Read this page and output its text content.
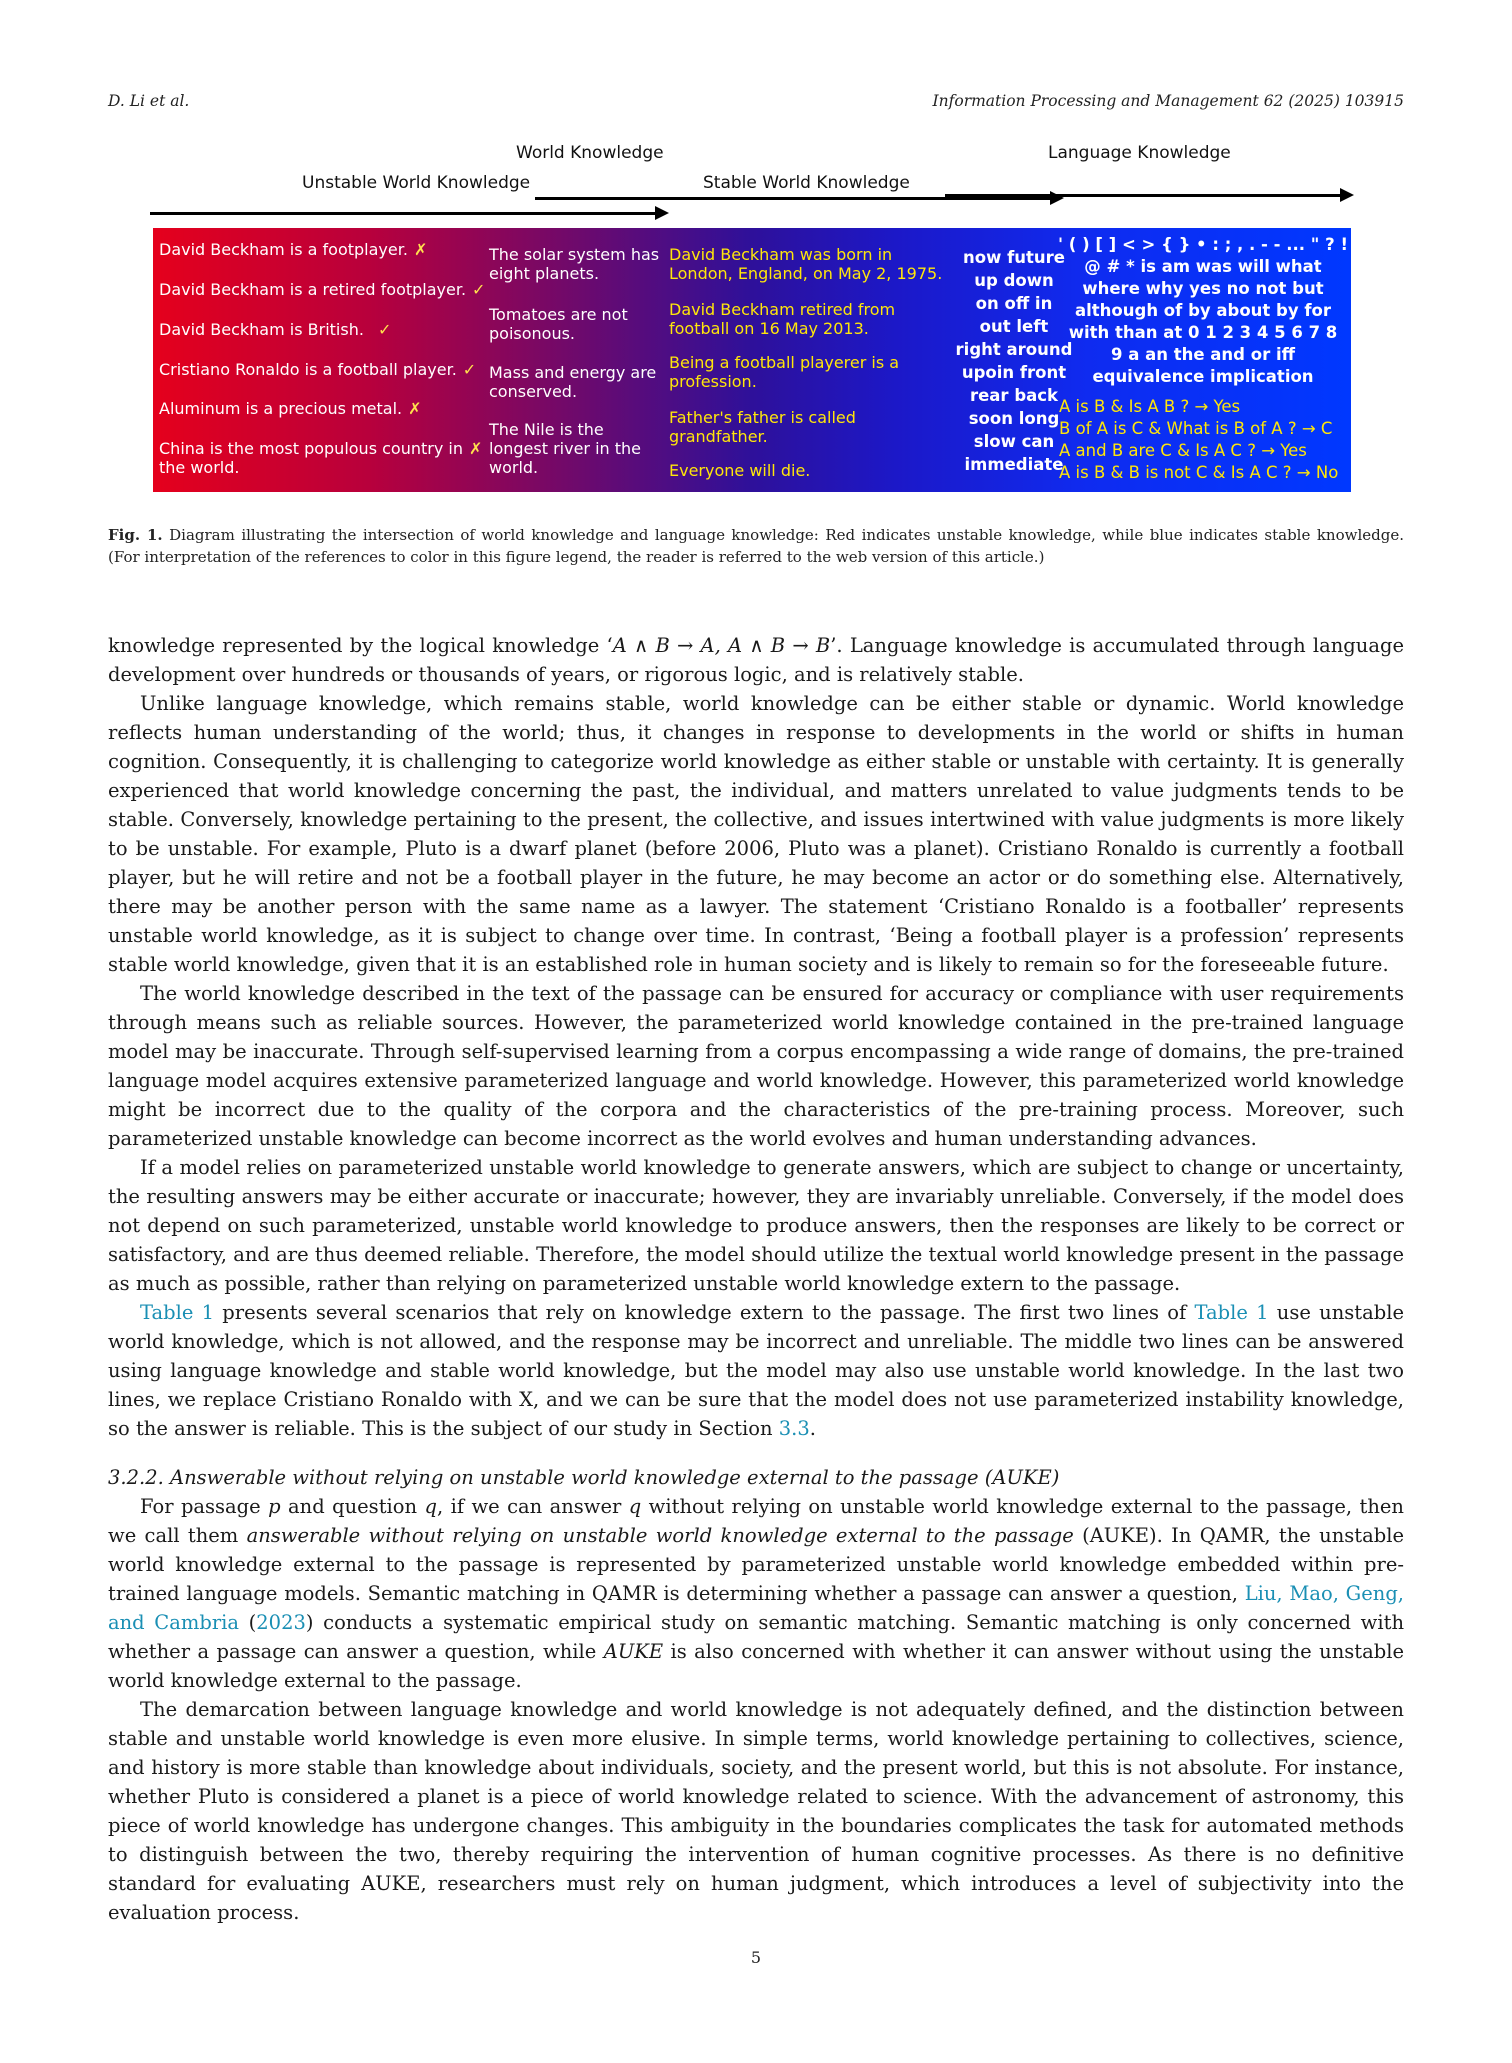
D. Li et al.	Information Processing and Management 62 (2025) 103915
World Knowledge
Unstable World Knowledge	Stable World Knowledge
Language Knowledge
David Beckham is a footplayer. ✗
David Beckham is a retired footplayer. ✓
David Beckham is British. ✓
Cristiano Ronaldo is a football player. ✓
Aluminum is a precious metal. ✗
China is the most populous country in ✗
the world.
The solar system has eight planets.
Tomatoes are not poisonous.
Mass and energy are conserved.
The Nile is the longest river in the world.
David Beckham was born in London, England, on May 2, 1975.
David Beckham retired from football on 16 May 2013.
Being a football playerer is a profession.
Father's father is called grandfather.
Everyone will die.
now future
up down
on off in
out left
right around
upoin front
rear back
soon long
slow can
immediate
' ( ) [ ] < > { } • : ; , . - - ... " ? !
@ # * is am was will what
where why yes no not but
although of by about by for
with than at 0 1 2 3 4 5 6 7 8
9 a an the and or iff
equivalence implication
A is B & Is A B ? → Yes
B of A is C & What is B of A ? → C
A and B are C & Is A C ? → Yes
A is B & B is not C & Is A C ? → No
Fig. 1. Diagram illustrating the intersection of world knowledge and language knowledge: Red indicates unstable knowledge, while blue indicates stable knowledge. (For interpretation of the references to color in this figure legend, the reader is referred to the web version of this article.)

knowledge represented by the logical knowledge ‘A ∧ B → A, A ∧ B → B’. Language knowledge is accumulated through language development over hundreds or thousands of years, or rigorous logic, and is relatively stable.

Unlike language knowledge, which remains stable, world knowledge can be either stable or dynamic. World knowledge reflects human understanding of the world; thus, it changes in response to developments in the world or shifts in human cognition. Consequently, it is challenging to categorize world knowledge as either stable or unstable with certainty. It is generally experienced that world knowledge concerning the past, the individual, and matters unrelated to value judgments tends to be stable. Conversely, knowledge pertaining to the present, the collective, and issues intertwined with value judgments is more likely to be unstable. For example, Pluto is a dwarf planet (before 2006, Pluto was a planet). Cristiano Ronaldo is currently a football player, but he will retire and not be a football player in the future, he may become an actor or do something else. Alternatively, there may be another person with the same name as a lawyer. The statement ‘Cristiano Ronaldo is a footballer’ represents unstable world knowledge, as it is subject to change over time. In contrast, ‘Being a football player is a profession’ represents stable world knowledge, given that it is an established role in human society and is likely to remain so for the foreseeable future.

The world knowledge described in the text of the passage can be ensured for accuracy or compliance with user requirements through means such as reliable sources. However, the parameterized world knowledge contained in the pre-trained language model may be inaccurate. Through self-supervised learning from a corpus encompassing a wide range of domains, the pre-trained language model acquires extensive parameterized language and world knowledge. However, this parameterized world knowledge might be incorrect due to the quality of the corpora and the characteristics of the pre-training process. Moreover, such parameterized unstable knowledge can become incorrect as the world evolves and human understanding advances.

If a model relies on parameterized unstable world knowledge to generate answers, which are subject to change or uncertainty, the resulting answers may be either accurate or inaccurate; however, they are invariably unreliable. Conversely, if the model does not depend on such parameterized, unstable world knowledge to produce answers, then the responses are likely to be correct or satisfactory, and are thus deemed reliable. Therefore, the model should utilize the textual world knowledge present in the passage as much as possible, rather than relying on parameterized unstable world knowledge extern to the passage.

Table 1 presents several scenarios that rely on knowledge extern to the passage. The first two lines of Table 1 use unstable world knowledge, which is not allowed, and the response may be incorrect and unreliable. The middle two lines can be answered using language knowledge and stable world knowledge, but the model may also use unstable world knowledge. In the last two lines, we replace Cristiano Ronaldo with X, and we can be sure that the model does not use parameterized instability knowledge, so the answer is reliable. This is the subject of our study in Section 3.3.

3.2.2. Answerable without relying on unstable world knowledge external to the passage (AUKE)

For passage p and question q, if we can answer q without relying on unstable world knowledge external to the passage, then we call them answerable without relying on unstable world knowledge external to the passage (AUKE). In QAMR, the unstable world knowledge external to the passage is represented by parameterized unstable world knowledge embedded within pre-trained language models. Semantic matching in QAMR is determining whether a passage can answer a question, Liu, Mao, Geng, and Cambria (2023) conducts a systematic empirical study on semantic matching. Semantic matching is only concerned with whether a passage can answer a question, while AUKE is also concerned with whether it can answer without using the unstable world knowledge external to the passage.

The demarcation between language knowledge and world knowledge is not adequately defined, and the distinction between stable and unstable world knowledge is even more elusive. In simple terms, world knowledge pertaining to collectives, science, and history is more stable than knowledge about individuals, society, and the present world, but this is not absolute. For instance, whether Pluto is considered a planet is a piece of world knowledge related to science. With the advancement of astronomy, this piece of world knowledge has undergone changes. This ambiguity in the boundaries complicates the task for automated methods to distinguish between the two, thereby requiring the intervention of human cognitive processes. As there is no definitive standard for evaluating AUKE, researchers must rely on human judgment, which introduces a level of subjectivity into the evaluation process.

5
